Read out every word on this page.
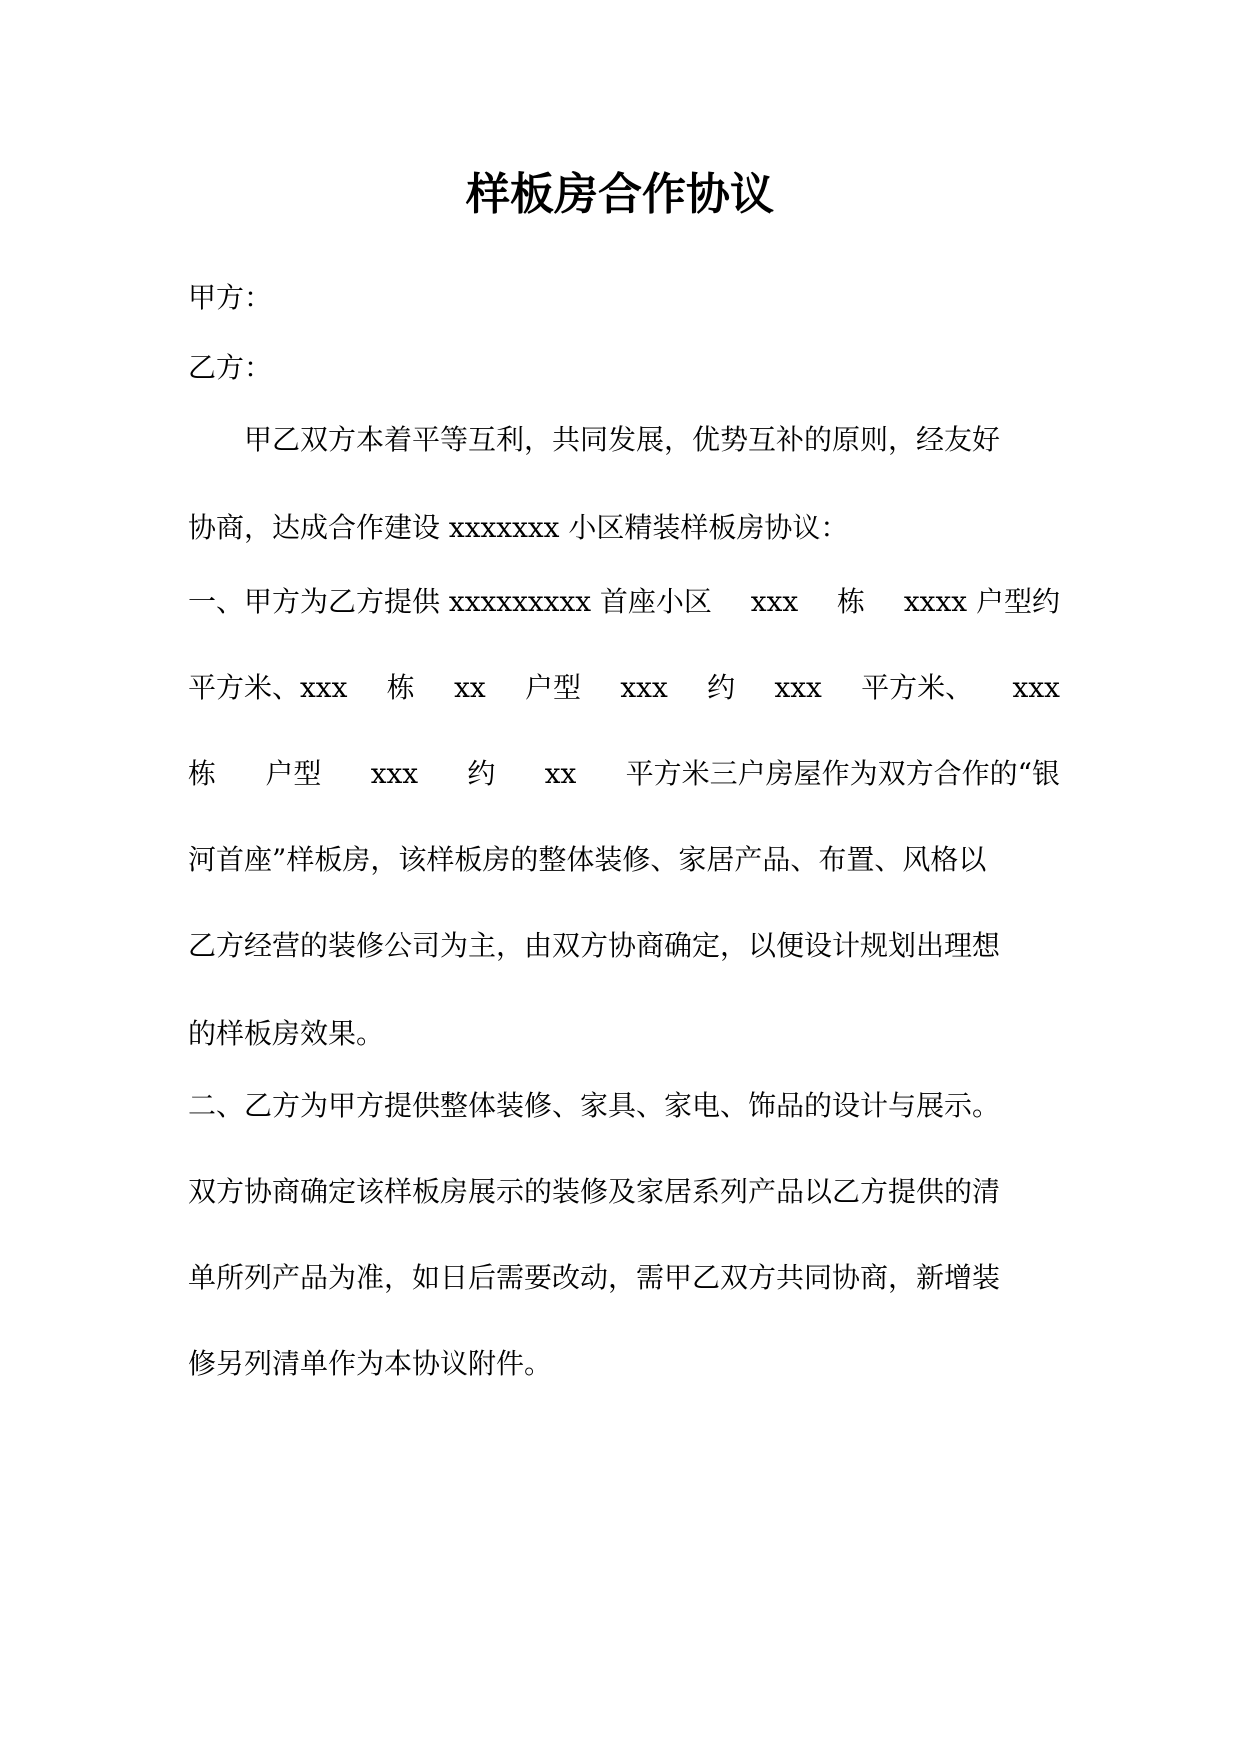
样板房合作协议

甲方：

乙方：

　　甲乙双方本着平等互利，共同发展，优势互补的原则，经友好

协商，达成合作建设 xxxxxxx 小区精装样板房协议：

一、甲方为乙方提供 xxxxxxxxx 首座小区 xxx 栋 xxxx 户型约
平方米、xxx 栋 xx 户型 xxx 约 xxx 平方米、 xxx
栋 户型 xxx 约 xx 平方米三户房屋作为双方合作的“银

河首座”样板房，该样板房的整体装修、家居产品、布置、风格以

乙方经营的装修公司为主，由双方协商确定，以便设计规划出理想

的样板房效果。

二、乙方为甲方提供整体装修、家具、家电、饰品的设计与展示。

双方协商确定该样板房展示的装修及家居系列产品以乙方提供的清

单所列产品为准，如日后需要改动，需甲乙双方共同协商，新增装

修另列清单作为本协议附件。
